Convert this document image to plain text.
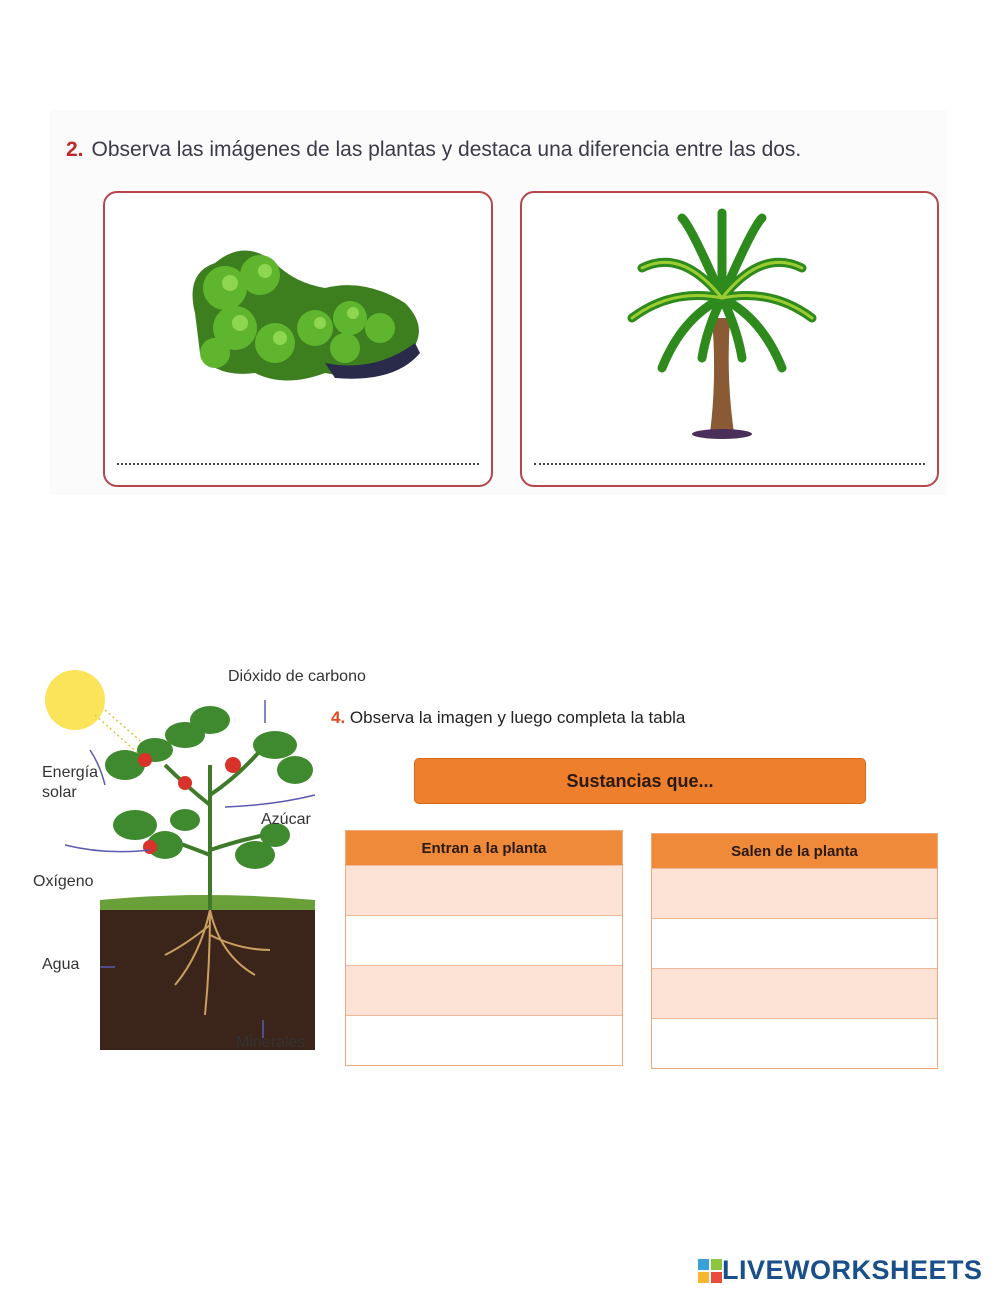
2. Observa las imágenes de las plantas y destaca una diferencia entre las dos.
Dióxido de carbono
Energía solar
Azúcar
Oxígeno
Agua
Minerales
4. Observa la imagen y luego completa la tabla
Sustancias que...
Entran a la planta	Salen de la planta
LIVEWORKSHEETS
